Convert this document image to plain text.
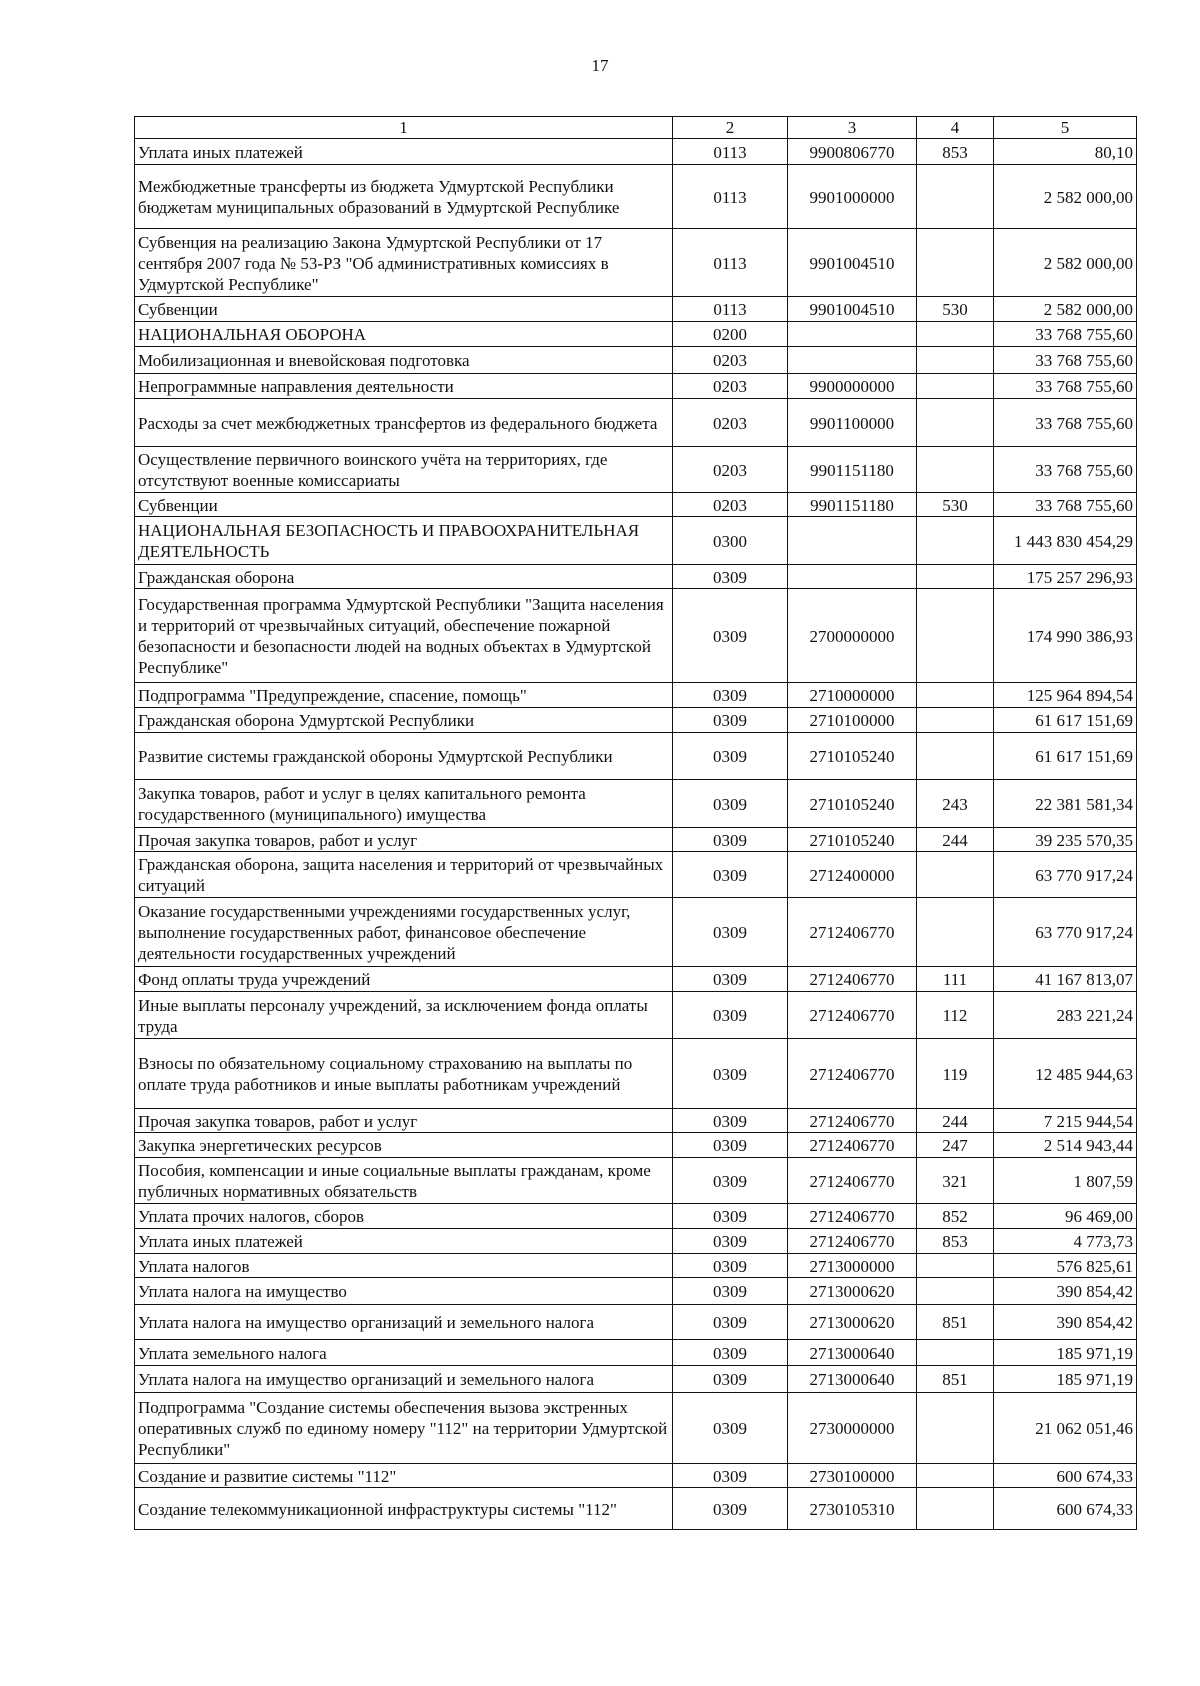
17
1	2	3	4	5
Уплата иных платежей	0113	9900806770	853	80,10
Межбюджетные трансферты из бюджета Удмуртской Республики бюджетам муниципальных образований в Удмуртской Республике	0113	9901000000		2 582 000,00
Субвенция на реализацию Закона Удмуртской Республики от 17 сентября 2007 года № 53-РЗ "Об административных комиссиях в Удмуртской Республике"	0113	9901004510		2 582 000,00
Субвенции	0113	9901004510	530	2 582 000,00
НАЦИОНАЛЬНАЯ ОБОРОНА	0200			33 768 755,60
Мобилизационная и вневойсковая подготовка	0203			33 768 755,60
Непрограммные направления деятельности	0203	9900000000		33 768 755,60
Расходы за счет межбюджетных трансфертов из федерального бюджета	0203	9901100000		33 768 755,60
Осуществление первичного воинского учёта на территориях, где отсутствуют военные комиссариаты	0203	9901151180		33 768 755,60
Субвенции	0203	9901151180	530	33 768 755,60
НАЦИОНАЛЬНАЯ БЕЗОПАСНОСТЬ И ПРАВООХРАНИТЕЛЬНАЯ ДЕЯТЕЛЬНОСТЬ	0300			1 443 830 454,29
Гражданская оборона	0309			175 257 296,93
Государственная программа Удмуртской Республики "Защита населения и территорий от чрезвычайных ситуаций, обеспечение пожарной безопасности и безопасности людей на водных объектах в Удмуртской Республике"	0309	2700000000		174 990 386,93
Подпрограмма "Предупреждение, спасение, помощь"	0309	2710000000		125 964 894,54
Гражданская оборона Удмуртской Республики	0309	2710100000		61 617 151,69
Развитие системы гражданской обороны Удмуртской Республики	0309	2710105240		61 617 151,69
Закупка товаров, работ и услуг в целях капитального ремонта государственного (муниципального) имущества	0309	2710105240	243	22 381 581,34
Прочая закупка товаров, работ и услуг	0309	2710105240	244	39 235 570,35
Гражданская оборона, защита населения и территорий от чрезвычайных ситуаций	0309	2712400000		63 770 917,24
Оказание государственными учреждениями государственных услуг, выполнение государственных работ, финансовое обеспечение деятельности государственных учреждений	0309	2712406770		63 770 917,24
Фонд оплаты труда учреждений	0309	2712406770	111	41 167 813,07
Иные выплаты персоналу учреждений, за исключением фонда оплаты труда	0309	2712406770	112	283 221,24
Взносы по обязательному социальному страхованию на выплаты по оплате труда работников и иные выплаты работникам учреждений	0309	2712406770	119	12 485 944,63
Прочая закупка товаров, работ и услуг	0309	2712406770	244	7 215 944,54
Закупка энергетических ресурсов	0309	2712406770	247	2 514 943,44
Пособия, компенсации и иные социальные выплаты гражданам, кроме публичных нормативных обязательств	0309	2712406770	321	1 807,59
Уплата прочих налогов, сборов	0309	2712406770	852	96 469,00
Уплата иных платежей	0309	2712406770	853	4 773,73
Уплата налогов	0309	2713000000		576 825,61
Уплата налога на имущество	0309	2713000620		390 854,42
Уплата налога на имущество организаций и земельного налога	0309	2713000620	851	390 854,42
Уплата земельного налога	0309	2713000640		185 971,19
Уплата налога на имущество организаций и земельного налога	0309	2713000640	851	185 971,19
Подпрограмма "Создание системы обеспечения вызова экстренных оперативных служб по единому номеру "112" на территории Удмуртской Республики"	0309	2730000000		21 062 051,46
Создание и развитие системы "112"	0309	2730100000		600 674,33
Создание телекоммуникационной инфраструктуры системы "112"	0309	2730105310		600 674,33
